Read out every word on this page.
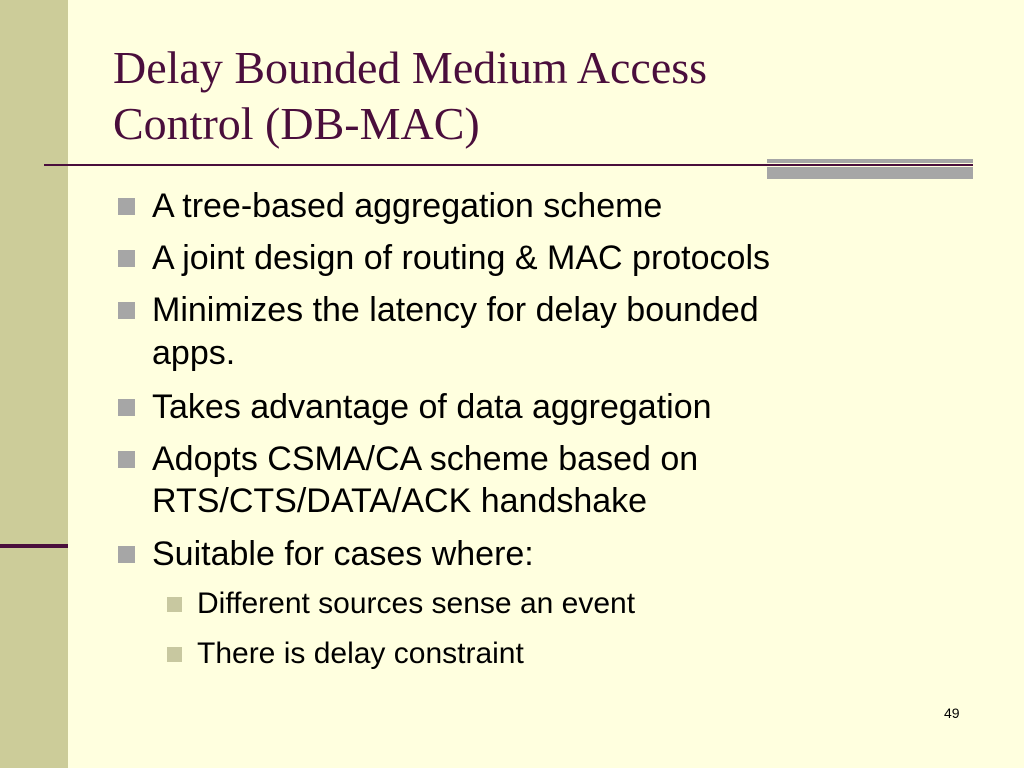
Delay Bounded Medium Access
Control (DB-MAC)
A tree-based aggregation scheme
A joint design of routing & MAC protocols
Minimizes the latency for delay bounded
apps.
Takes advantage of data aggregation
Adopts CSMA/CA scheme based on
RTS/CTS/DATA/ACK handshake
Suitable for cases where:
Different sources sense an event
There is delay constraint
49
